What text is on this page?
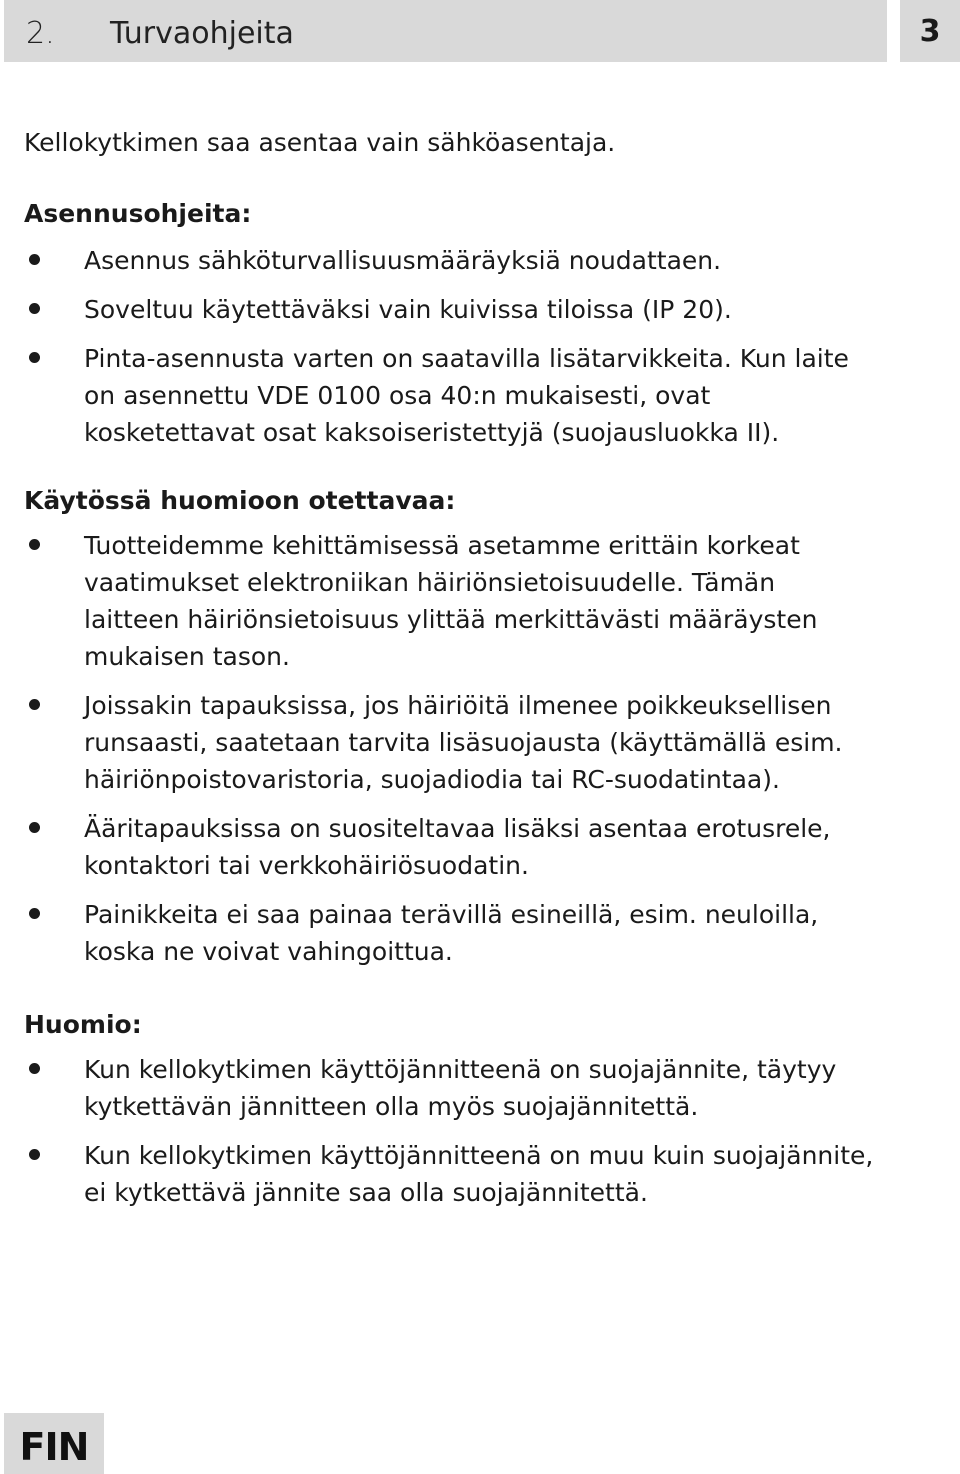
2. Turvaohjeita	3

Kellokytkimen saa asentaa vain sähköasentaja.

Asennusohjeita:

Asennus sähköturvallisuusmääräyksiä noudattaen.
Soveltuu käytettäväksi vain kuivissa tiloissa (IP 20).
Pinta-asennusta varten on saatavilla lisätarvikkeita. Kun laite on asennettu VDE 0100 osa 40:n mukaisesti, ovat kosketettavat osat kaksoiseristettyjä (suojausluokka II).

Käytössä huomioon otettavaa:

Tuotteidemme kehittämisessä asetamme erittäin korkeat vaatimukset elektroniikan häiriönsietoisuudelle. Tämän laitteen häiriönsietoisuus ylittää merkittävästi määräysten mukaisen tason.
Joissakin tapauksissa, jos häiriöitä ilmenee poikkeuksellisen runsaasti, saatetaan tarvita lisäsuojausta (käyttämällä esim. häiriönpoistovaristoria, suojadiodia tai RC-suodatintaa).
Ääritapauksissa on suositeltavaa lisäksi asentaa erotusrele, kontaktori tai verkkohäiriösuodatin.
Painikkeita ei saa painaa terävillä esineillä, esim. neuloilla, koska ne voivat vahingoittua.

Huomio:

Kun kellokytkimen käyttöjännitteenä on suojajännite, täytyy kytkettävän jännitteen olla myös suojajännitettä.
Kun kellokytkimen käyttöjännitteenä on muu kuin suojajännite, ei kytkettävä jännite saa olla suojajännitettä.
FIN
